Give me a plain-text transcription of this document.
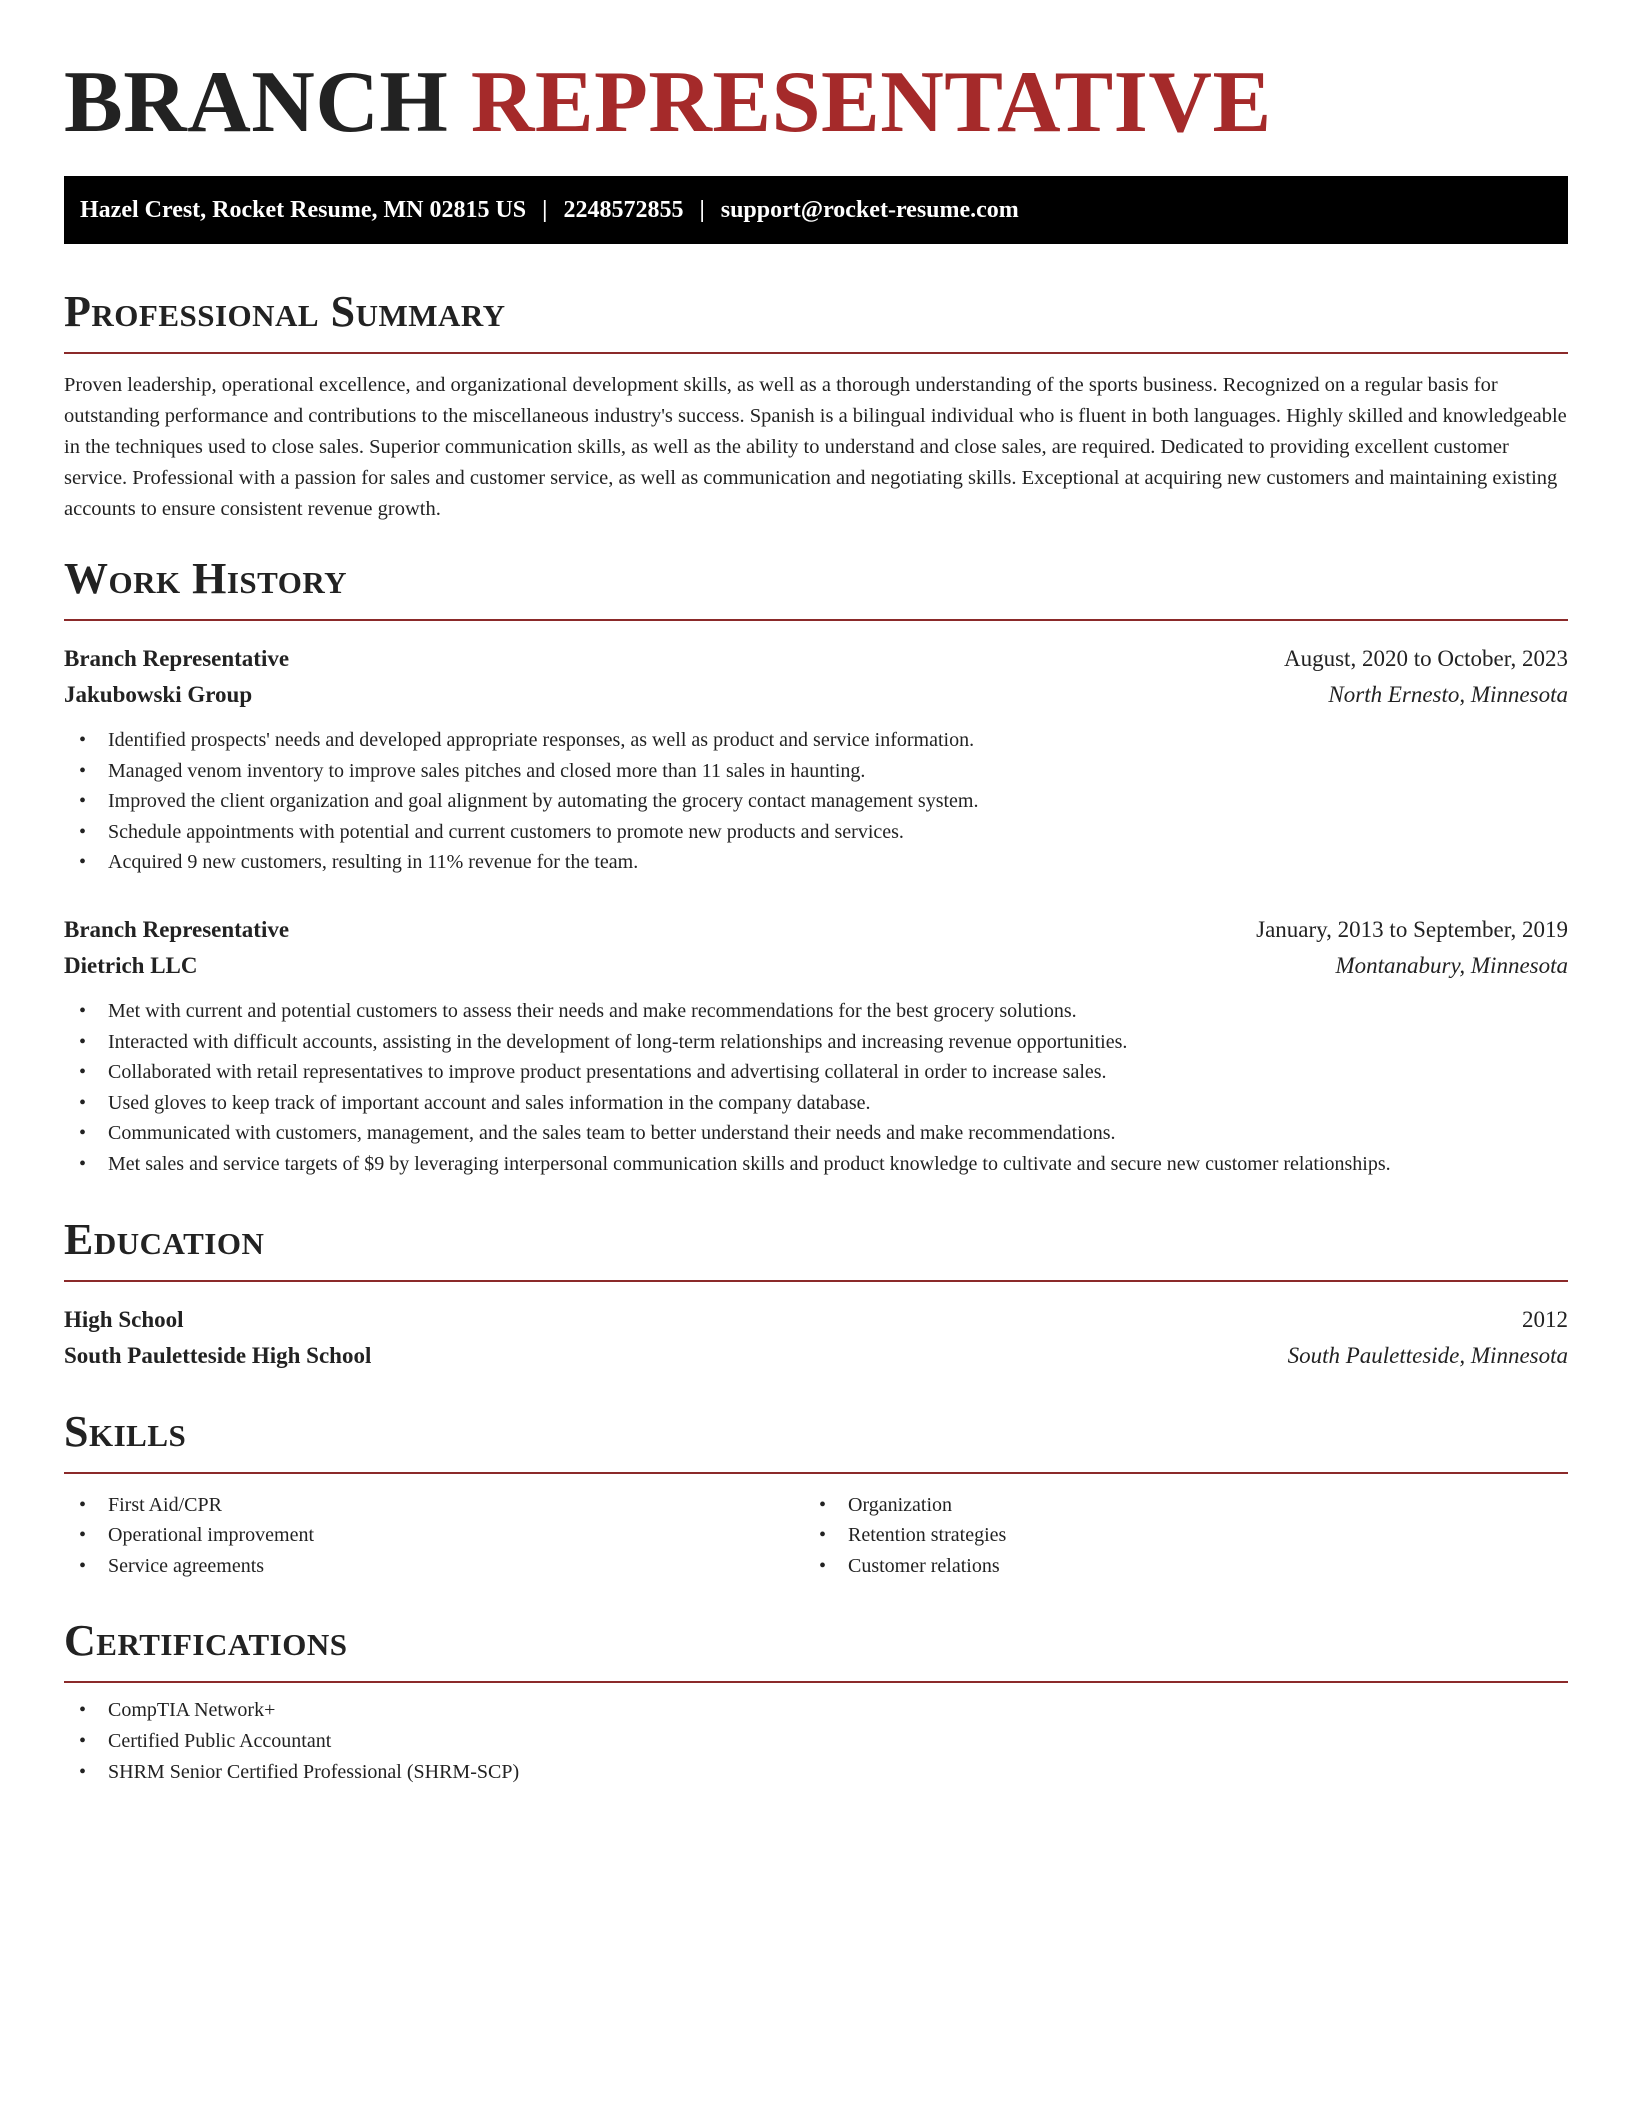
BRANCH REPRESENTATIVE
Hazel Crest, Rocket Resume, MN 02815 US | 2248572855 | support@rocket-resume.com
Professional Summary

Proven leadership, operational excellence, and organizational development skills, as well as a thorough understanding of the sports business. Recognized on a regular basis for outstanding performance and contributions to the miscellaneous industry's success. Spanish is a bilingual individual who is fluent in both languages. Highly skilled and knowledgeable in the techniques used to close sales. Superior communication skills, as well as the ability to understand and close sales, are required. Dedicated to providing excellent customer service. Professional with a passion for sales and customer service, as well as communication and negotiating skills. Exceptional at acquiring new customers and maintaining existing accounts to ensure consistent revenue growth.

Work History
Branch Representative	August, 2020 to October, 2023
Jakubowski Group	North Ernesto, Minnesota
• Identified prospects' needs and developed appropriate responses, as well as product and service information.
• Managed venom inventory to improve sales pitches and closed more than 11 sales in haunting.
• Improved the client organization and goal alignment by automating the grocery contact management system.
• Schedule appointments with potential and current customers to promote new products and services.
• Acquired 9 new customers, resulting in 11% revenue for the team.
Branch Representative	January, 2013 to September, 2019
Dietrich LLC	Montanabury, Minnesota
• Met with current and potential customers to assess their needs and make recommendations for the best grocery solutions.
• Interacted with difficult accounts, assisting in the development of long-term relationships and increasing revenue opportunities.
• Collaborated with retail representatives to improve product presentations and advertising collateral in order to increase sales.
• Used gloves to keep track of important account and sales information in the company database.
• Communicated with customers, management, and the sales team to better understand their needs and make recommendations.
• Met sales and service targets of $9 by leveraging interpersonal communication skills and product knowledge to cultivate and secure new customer relationships.
Education
High School	2012
South Pauletteside High School	South Pauletteside, Minnesota
Skills
• First Aid/CPR
• Operational improvement
• Service agreements
• Organization
• Retention strategies
• Customer relations
Certifications
• CompTIA Network+
• Certified Public Accountant
• SHRM Senior Certified Professional (SHRM-SCP)
